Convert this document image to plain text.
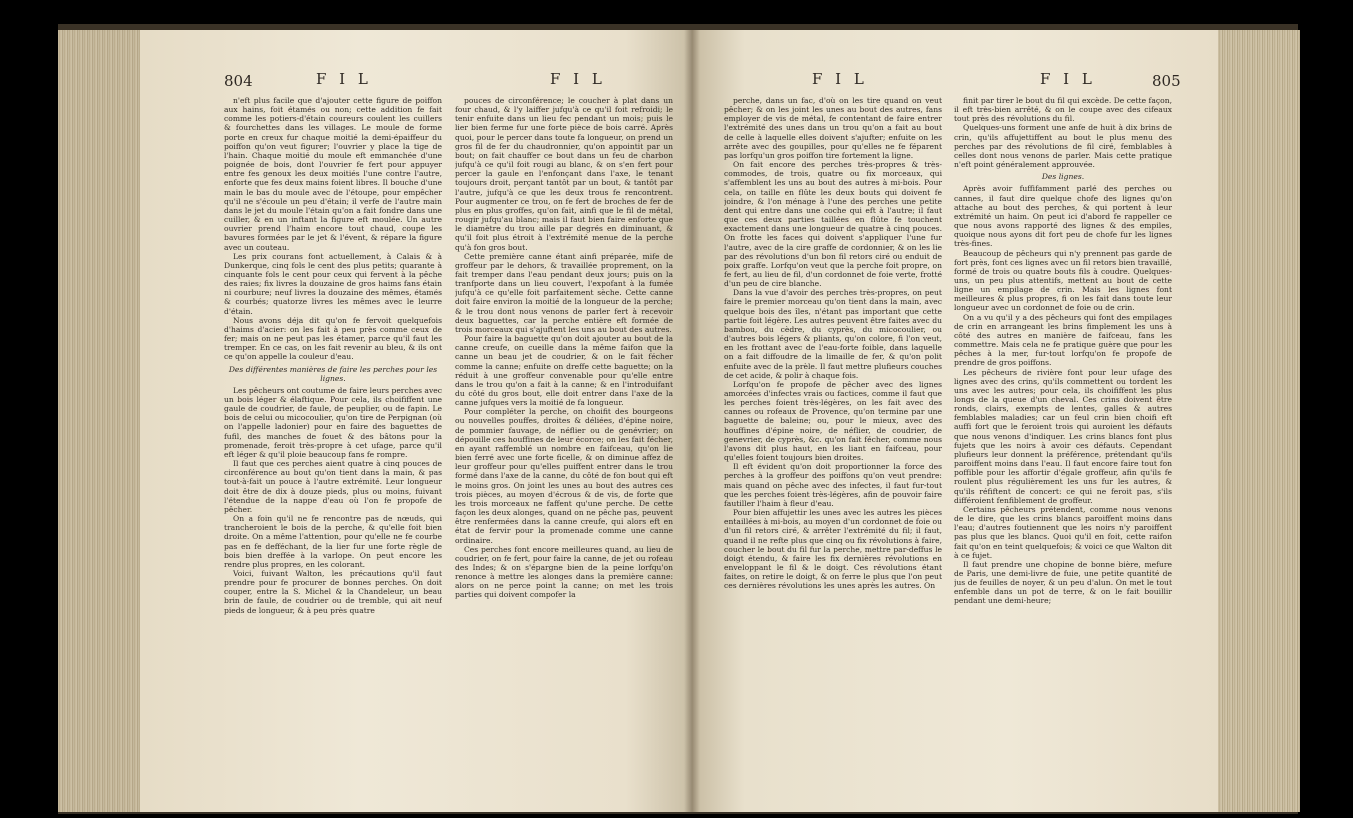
804	F I L	F I L

n'eft plus facile que d'ajouter cette figure de poiffon aux hains, foit étamés ou non; cette addition fe fait comme les potiers-d'étain coureurs coulent les cuillers & fourchettes dans les villages. Le moule de forme porte en creux fur chaque moitié la demi-épaiffeur du poiffon qu'on veut figurer; l'ouvrier y place la tige de l'hain. Chaque moitié du moule eft emmanchée d'une poignée de bois, dont l'ouvrier fe fert pour appuyer entre fes genoux les deux moitiés l'une contre l'autre, enforte que fes deux mains foient libres. Il bouche d'une main le bas du moule avec de l'étoupe, pour empêcher qu'il ne s'écoule un peu d'étain; il verfe de l'autre main dans le jet du moule l'étain qu'on a fait fondre dans une cuiller, & en un inftant la figure eft moulée. Un autre ouvrier prend l'haim encore tout chaud, coupe les bavures formées par le jet & l'évent, & répare la figure avec un couteau.

Les prix courans font actuellement, à Calais & à Dunkerque, cinq fols le cent des plus petits; quarante à cinquante fols le cent pour ceux qui fervent à la pêche des raies; fix livres la douzaine de gros haims fans étain ni courbure; neuf livres la douzaine des mêmes, étamés & courbés; quatorze livres les mêmes avec le leurre d'étain.

Nous avons déja dit qu'on fe fervoit quelquefois d'haims d'acier: on les fait à peu près comme ceux de fer; mais on ne peut pas les étamer, parce qu'il faut les tremper. En ce cas, on les fait revenir au bleu, & ils ont ce qu'on appelle la couleur d'eau.

Des différentes manières de faire les perches pour les lignes.

Les pêcheurs ont coutume de faire leurs perches avec un bois léger & élaftique. Pour cela, ils choififfent une gaule de coudrier, de faule, de peuplier, ou de fapin. Le bois de celui ou micocoulier, qu'on tire de Perpignan (où on l'appelle ladonier) pour en faire des baguettes de fufil, des manches de fouet & des bâtons pour la promenade, feroit très-propre à cet ufage, parce qu'il eft léger & qu'il ploie beaucoup fans fe rompre.

Il faut que ces perches aient quatre à cinq pouces de circonférence au bout qu'on tient dans la main, & pas tout-à-fait un pouce à l'autre extrémité. Leur longueur doit être de dix à douze pieds, plus ou moins, fuivant l'étendue de la nappe d'eau où l'on fe propofe de pêcher.

On a foin qu'il ne fe rencontre pas de nœuds, qui trancheroient le bois de la perche, & qu'elle foit bien droite. On a même l'attention, pour qu'elle ne fe courbe pas en fe defféchant, de la lier fur une forte règle de bois bien dreffée à la varlope. On peut encore les rendre plus propres, en les colorant.

Voici, fuivant Walton, les précautions qu'il faut prendre pour fe procurer de bonnes perches. On doit couper, entre la S. Michel & la Chandeleur, un beau brin de faule, de coudrier ou de tremble, qui ait neuf pieds de longueur, & à peu près quatre

pouces de circonférence; le coucher à plat dans un four chaud, & l'y laiffer jufqu'à ce qu'il foit refroidi; le tenir enfuite dans un lieu fec pendant un mois; puis le lier bien ferme fur une forte pièce de bois carré. Après quoi, pour le percer dans toute fa longueur, on prend un gros fil de fer du chaudronnier, qu'on appointit par un bout; on fait chauffer ce bout dans un feu de charbon jufqu'à ce qu'il foit rougi au blanc, & on s'en fert pour percer la gaule en l'enfonçant dans l'axe, le tenant toujours droit, perçant tantôt par un bout, & tantôt par l'autre, jufqu'à ce que les deux trous fe rencontrent. Pour augmenter ce trou, on fe fert de broches de fer de plus en plus groffes, qu'on fait, ainfi que le fil de métal, rougir jufqu'au blanc; mais il faut bien faire enforte que le diamètre du trou aille par degrés en diminuant, & qu'il foit plus étroit à l'extrémité menue de la perche qu'à fon gros bout.

Cette première canne étant ainfi préparée, mife de groffeur par le dehors, & travaillée proprement, on la fait tremper dans l'eau pendant deux jours; puis on la tranfporte dans un lieu couvert, l'expofant à la fumée jufqu'à ce qu'elle foit parfaitement sèche. Cette canne doit faire environ la moitié de la longueur de la perche; & le trou dont nous venons de parler fert à recevoir deux baguettes, car la perche entière eft formée de trois morceaux qui s'ajuftent les uns au bout des autres.

Pour faire la baguette qu'on doit ajouter au bout de la canne creufe, on cueille dans la même faifon que la canne un beau jet de coudrier, & on le fait fécher comme la canne; enfuite on dreffe cette baguette; on la réduit à une groffeur convenable pour qu'elle entre dans le trou qu'on a fait à la canne; & en l'introduifant du côté du gros bout, elle doit entrer dans l'axe de la canne jufques vers la moitié de fa longueur.

Pour compléter la perche, on choifit des bourgeons ou nouvelles pouffes, droites & déliées, d'épine noire, de pommier fauvage, de néflier ou de genévrier; on dépouille ces houffines de leur écorce; on les fait fécher, en ayant raffemblé un nombre en faifceau, qu'on lie bien ferré avec une forte ficelle, & on diminue affez de leur groffeur pour qu'elles puiffent entrer dans le trou formé dans l'axe de la canne, du côté de fon bout qui eft le moins gros. On joint les unes au bout des autres ces trois pièces, au moyen d'écrous & de vis, de forte que les trois morceaux ne faffent qu'une perche. De cette façon les deux alonges, quand on ne pêche pas, peuvent être renfermées dans la canne creufe, qui alors eft en état de fervir pour la promenade comme une canne ordinaire.

Ces perches font encore meilleures quand, au lieu de coudrier, on fe fert, pour faire la canne, de jet ou rofeau des Indes; & on s'épargne bien de la peine lorfqu'on renonce à mettre les alonges dans la première canne: alors on ne perce point la canne; on met les trois parties qui doivent compofer la

F I L	F I L	805

perche, dans un fac, d'où on les tire quand on veut pêcher; & on les joint les unes au bout des autres, fans employer de vis de métal, fe contentant de faire entrer l'extrémité des unes dans un trou qu'on a fait au bout de celle à laquelle elles doivent s'ajufter; enfuite on les arrête avec des goupilles, pour qu'elles ne fe féparent pas lorfqu'un gros poiffon tire fortement la ligne.

On fait encore des perches très-propres & très-commodes, de trois, quatre ou fix morceaux, qui s'affemblent les uns au bout des autres à mi-bois. Pour cela, on taille en flûte les deux bouts qui doivent fe joindre, & l'on ménage à l'une des perches une petite dent qui entre dans une coche qui eft à l'autre; il faut que ces deux parties taillées en flûte fe touchent exactement dans une longueur de quatre à cinq pouces. On frotte les faces qui doivent s'appliquer l'une fur l'autre, avec de la cire graffe de cordonnier, & on les lie par des révolutions d'un bon fil retors ciré ou enduit de poix graffe. Lorfqu'on veut que la perche foit propre, on fe fert, au lieu de fil, d'un cordonnet de foie verte, frotté d'un peu de cire blanche.

Dans la vue d'avoir des perches très-propres, on peut faire le premier morceau qu'on tient dans la main, avec quelque bois des îles, n'étant pas important que cette partie foit légère. Les autres peuvent être faites avec du bambou, du cèdre, du cyprès, du micocoulier, ou d'autres bois légers & pliants, qu'on colore, fi l'on veut, en les frottant avec de l'eau-forte foible, dans laquelle on a fait diffoudre de la limaille de fer, & qu'on polit enfuite avec de la prèle. Il faut mettre plufieurs couches de cet acide, & polir à chaque fois.

Lorfqu'on fe propofe de pêcher avec des lignes amorcées d'infectes vrais ou factices, comme il faut que les perches foient très-légères, on les fait avec des cannes ou rofeaux de Provence, qu'on termine par une baguette de baleine; ou, pour le mieux, avec des houffines d'épine noire, de néflier, de coudrier, de genevrier, de cyprès, &c. qu'on fait fécher, comme nous l'avons dit plus haut, en les liant en faifceau, pour qu'elles foient toujours bien droites.

Il eft évident qu'on doit proportionner la force des perches à la groffeur des poiffons qu'on veut prendre: mais quand on pêche avec des infectes, il faut fur-tout que les perches foient très-légères, afin de pouvoir faire fautiller l'haim à fleur d'eau.

Pour bien affujettir les unes avec les autres les pièces entaillées à mi-bois, au moyen d'un cordonnet de foie ou d'un fil retors ciré, & arrêter l'extrémité du fil; il faut, quand il ne refte plus que cinq ou fix révolutions à faire, coucher le bout du fil fur la perche, mettre par-deffus le doigt étendu, & faire les fix dernières révolutions en enveloppant le fil & le doigt. Ces révolutions étant faites, on retire le doigt, & on ferre le plus que l'on peut ces dernières révolutions les unes après les autres. On

finit par tirer le bout du fil qui excède. De cette façon, il eft très-bien arrêté, & on le coupe avec des cifeaux tout près des révolutions du fil.

Quelques-uns forment une anfe de huit à dix brins de crin, qu'ils affujettiffent au bout le plus menu des perches par des révolutions de fil ciré, femblables à celles dont nous venons de parler. Mais cette pratique n'eft point généralement approuvée.

Des lignes.

Après avoir fuffifamment parlé des perches ou cannes, il faut dire quelque chofe des lignes qu'on attache au bout des perches, & qui portent à leur extrémité un haim. On peut ici d'abord fe rappeller ce que nous avons rapporté des lignes & des empiles, quoique nous ayons dit fort peu de chofe fur les lignes très-fines.

Beaucoup de pêcheurs qui n'y prennent pas garde de fort près, font ces lignes avec un fil retors bien travaillé, formé de trois ou quatre bouts fils à coudre. Quelques-uns, un peu plus attentifs, mettent au bout de cette ligne un empilage de crin. Mais les lignes font meilleures & plus propres, fi on les fait dans toute leur longueur avec un cordonnet de foie ou de crin.

On a vu qu'il y a des pêcheurs qui font des empilages de crin en arrangeant les brins fimplement les uns à côté des autres en manière de faifceau, fans les commettre. Mais cela ne fe pratique guère que pour les pêches à la mer, fur-tout lorfqu'on fe propofe de prendre de gros poiffons.

Les pêcheurs de rivière font pour leur ufage des lignes avec des crins, qu'ils commettent ou tordent les uns avec les autres; pour cela, ils choififfent les plus longs de la queue d'un cheval. Ces crins doivent être ronds, clairs, exempts de lentes, galles & autres femblables maladies; car un feul crin bien choifi eft auffi fort que le feroient trois qui auroient les défauts que nous venons d'indiquer. Les crins blancs font plus fujets que les noirs à avoir ces défauts. Cependant plufieurs leur donnent la préférence, prétendant qu'ils paroiffent moins dans l'eau. Il faut encore faire tout fon poffible pour les affortir d'égale groffeur, afin qu'ils fe roulent plus régulièrement les uns fur les autres, & qu'ils réfiftent de concert: ce qui ne feroit pas, s'ils différoient fenfiblement de groffeur.

Certains pêcheurs prétendent, comme nous venons de le dire, que les crins blancs paroiffent moins dans l'eau; d'autres foutiennent que les noirs n'y paroiffent pas plus que les blancs. Quoi qu'il en foit, cette raifon fait qu'on en teint quelquefois; & voici ce que Walton dit à ce fujet.

Il faut prendre une chopine de bonne bière, mefure de Paris, une demi-livre de fuie, une petite quantité de jus de feuilles de noyer, & un peu d'alun. On met le tout enfemble dans un pot de terre, & on le fait bouillir pendant une demi-heure;
